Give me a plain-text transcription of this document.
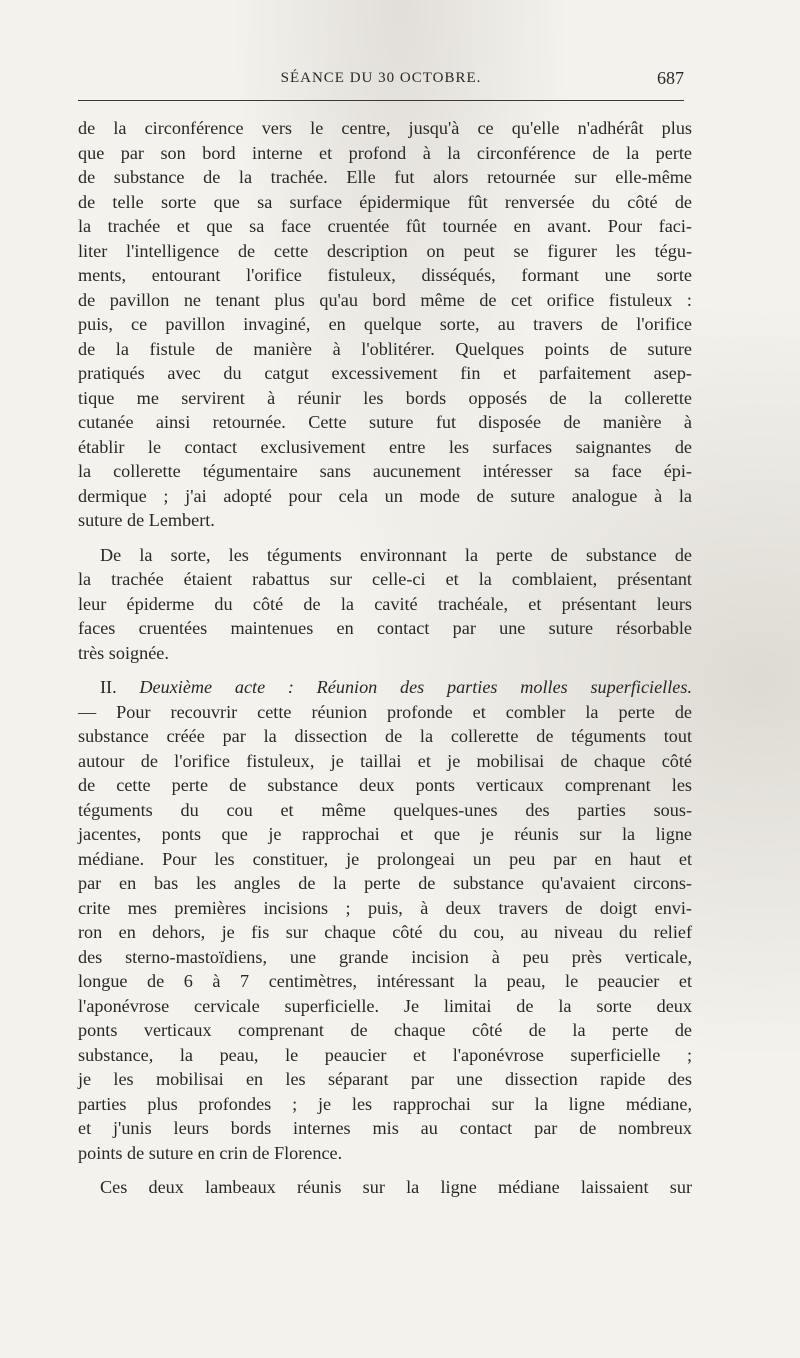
SÉANCE DU 30 OCTOBRE.	687
de la circonférence vers le centre, jusqu'à ce qu'elle n'adhérât plus
que par son bord interne et profond à la circonférence de la perte
de substance de la trachée. Elle fut alors retournée sur elle-même
de telle sorte que sa surface épidermique fût renversée du côté de
la trachée et que sa face cruentée fût tournée en avant. Pour faci-
liter l'intelligence de cette description on peut se figurer les tégu-
ments, entourant l'orifice fistuleux, disséqués, formant une sorte
de pavillon ne tenant plus qu'au bord même de cet orifice fistuleux :
puis, ce pavillon invaginé, en quelque sorte, au travers de l'orifice
de la fistule de manière à l'oblitérer. Quelques points de suture
pratiqués avec du catgut excessivement fin et parfaitement asep-
tique me servirent à réunir les bords opposés de la collerette
cutanée ainsi retournée. Cette suture fut disposée de manière à
établir le contact exclusivement entre les surfaces saignantes de
la collerette tégumentaire sans aucunement intéresser sa face épi-
dermique ; j'ai adopté pour cela un mode de suture analogue à la
suture de Lembert.
De la sorte, les téguments environnant la perte de substance de
la trachée étaient rabattus sur celle-ci et la comblaient, présentant
leur épiderme du côté de la cavité trachéale, et présentant leurs
faces cruentées maintenues en contact par une suture résorbable
très soignée.
II. Deuxième acte : Réunion des parties molles superficielles.
— Pour recouvrir cette réunion profonde et combler la perte de
substance créée par la dissection de la collerette de téguments tout
autour de l'orifice fistuleux, je taillai et je mobilisai de chaque côté
de cette perte de substance deux ponts verticaux comprenant les
téguments du cou et même quelques-unes des parties sous-
jacentes, ponts que je rapprochai et que je réunis sur la ligne
médiane. Pour les constituer, je prolongeai un peu par en haut et
par en bas les angles de la perte de substance qu'avaient circons-
crite mes premières incisions ; puis, à deux travers de doigt envi-
ron en dehors, je fis sur chaque côté du cou, au niveau du relief
des sterno-mastoïdiens, une grande incision à peu près verticale,
longue de 6 à 7 centimètres, intéressant la peau, le peaucier et
l'aponévrose cervicale superficielle. Je limitai de la sorte deux
ponts verticaux comprenant de chaque côté de la perte de
substance, la peau, le peaucier et l'aponévrose superficielle ;
je les mobilisai en les séparant par une dissection rapide des
parties plus profondes ; je les rapprochai sur la ligne médiane,
et j'unis leurs bords internes mis au contact par de nombreux
points de suture en crin de Florence.
Ces deux lambeaux réunis sur la ligne médiane laissaient sur
